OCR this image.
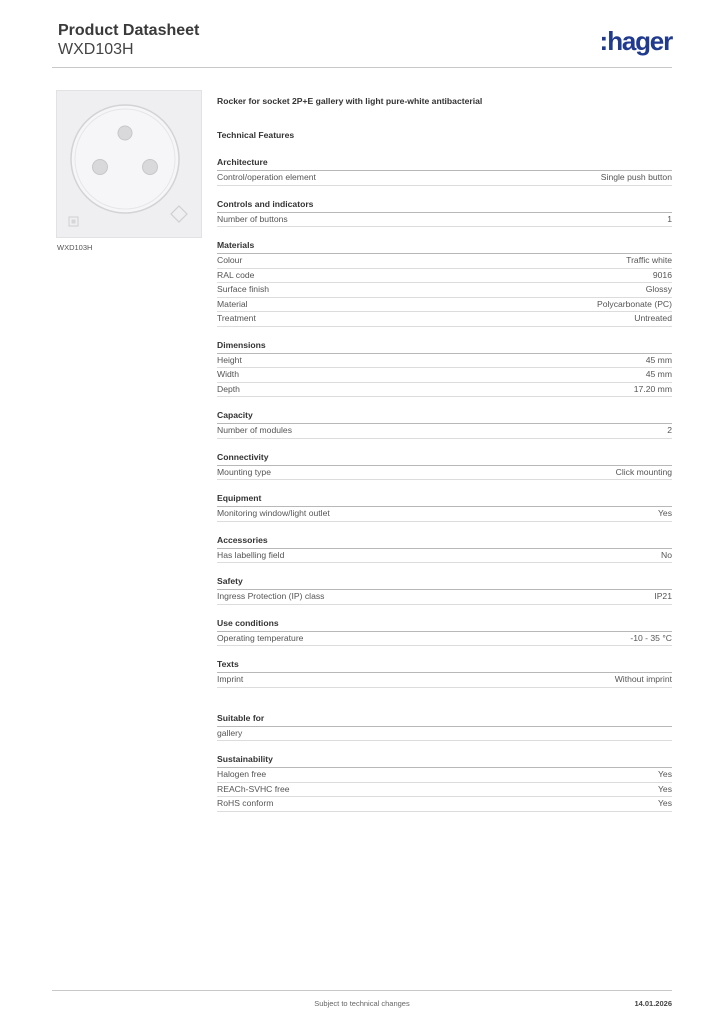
Product Datasheet
WXD103H	:hager
WXD103H
Rocker for socket 2P+E gallery with light pure-white antibacterial
Technical Features
Architecture
Control/operation element	Single push button
Controls and indicators
Number of buttons	1
Materials
Colour	Traffic white
RAL code	9016
Surface finish	Glossy
Material	Polycarbonate (PC)
Treatment	Untreated
Dimensions
Height	45 mm
Width	45 mm
Depth	17.20 mm
Capacity
Number of modules	2
Connectivity
Mounting type	Click mounting
Equipment
Monitoring window/light outlet	Yes
Accessories
Has labelling field	No
Safety
Ingress Protection (IP) class	IP21
Use conditions
Operating temperature	-10 - 35 °C
Texts
Imprint	Without imprint
Suitable for
gallery
Sustainability
Halogen free	Yes
REACh-SVHC free	Yes
RoHS conform	Yes
Subject to technical changes	14.01.2026
